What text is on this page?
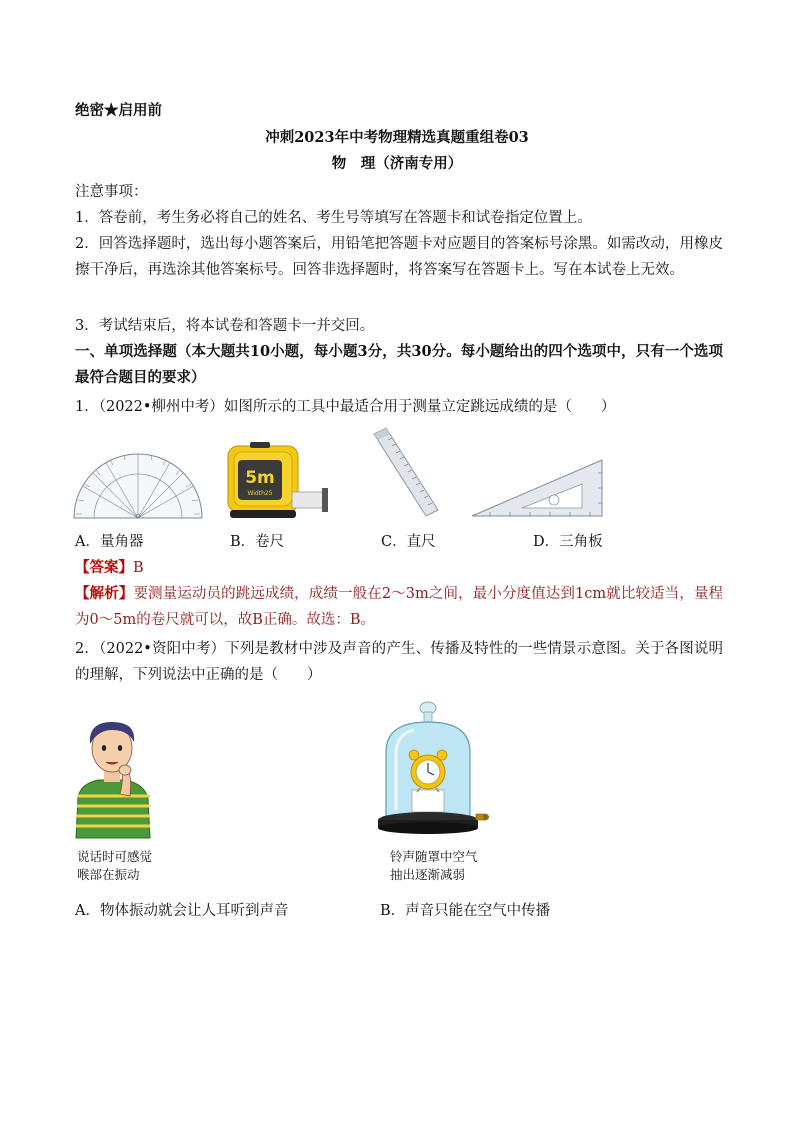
绝密★启用前
冲刺2023年中考物理精选真题重组卷03
物　理（济南专用）
注意事项：
1．答卷前，考生务必将自己的姓名、考生号等填写在答题卡和试卷指定位置上。
2．回答选择题时，选出每小题答案后，用铅笔把答题卡对应题目的答案标号涂黑。如需改动，用橡皮擦干净后，再选涂其他答案标号。回答非选择题时，将答案写在答题卡上。写在本试卷上无效。
3．考试结束后，将本试卷和答题卡一并交回。
一、单项选择题（本大题共10小题，每小题3分，共30分。每小题给出的四个选项中，只有一个选项最符合题目的要求）
1．（2022•柳州中考）如图所示的工具中最适合用于测量立定跳远成绩的是（　　）
5m
Width25
A．量角器	B．卷尺	C．直尺	D．三角板
【答案】B
【解析】要测量运动员的跳远成绩，成绩一般在2～3m之间，最小分度值达到1cm就比较适当，量程为0～5m的卷尺就可以，故B正确。故选：B。
2．（2022•资阳中考）下列是教材中涉及声音的产生、传播及特性的一些情景示意图。关于各图说明的理解，下列说法中正确的是（　　）
说话时可感觉
喉部在振动
铃声随罩中空气
抽出逐渐减弱
A．物体振动就会让人耳听到声音	B．声音只能在空气中传播
